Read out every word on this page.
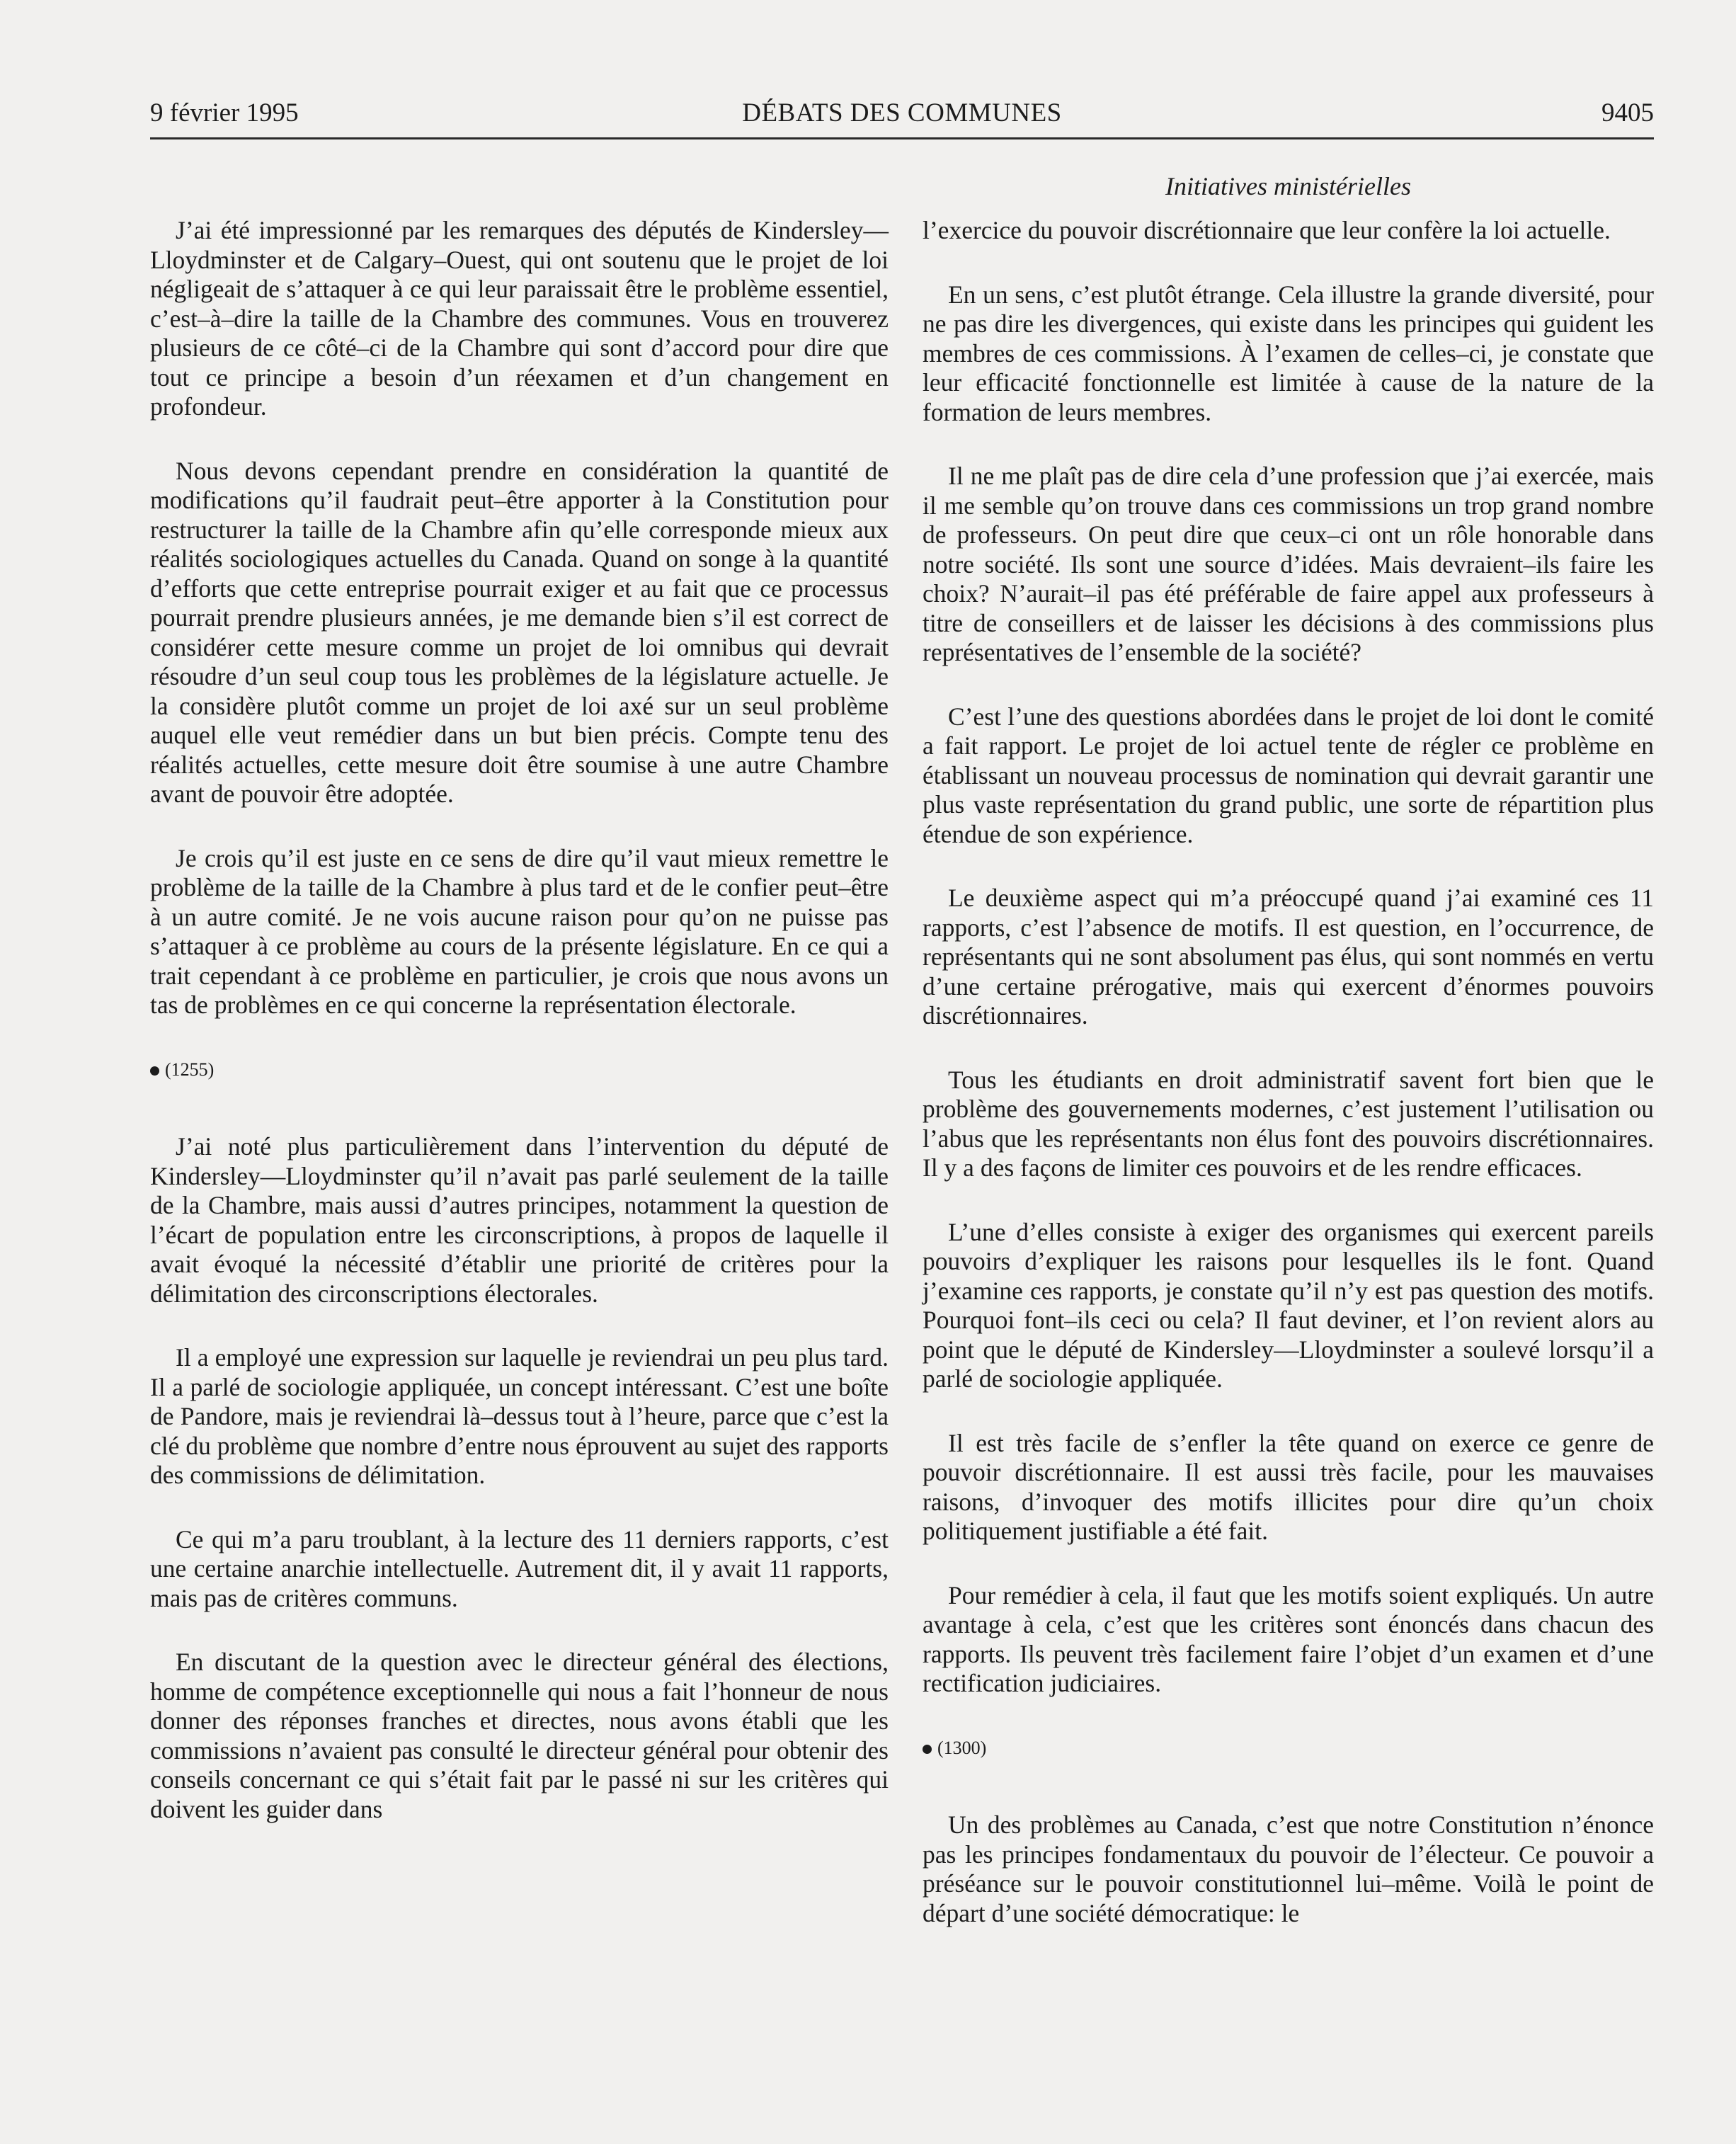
DÉBATS DES COMMUNES
9 février 1995	9405
Initiatives ministérielles

J’ai été impressionné par les remarques des députés de Kindersley—Lloydminster et de Calgary–Ouest, qui ont soutenu que le projet de loi négligeait de s’attaquer à ce qui leur paraissait être le problème essentiel, c’est–à–dire la taille de la Chambre des communes. Vous en trouverez plusieurs de ce côté–ci de la Chambre qui sont d’accord pour dire que tout ce principe a besoin d’un réexamen et d’un changement en profondeur.

Nous devons cependant prendre en considération la quantité de modifications qu’il faudrait peut–être apporter à la Constitution pour restructurer la taille de la Chambre afin qu’elle corresponde mieux aux réalités sociologiques actuelles du Canada. Quand on songe à la quantité d’efforts que cette entreprise pourrait exiger et au fait que ce processus pourrait prendre plusieurs années, je me demande bien s’il est correct de considérer cette mesure comme un projet de loi omnibus qui devrait résoudre d’un seul coup tous les problèmes de la législature actuelle. Je la considère plutôt comme un projet de loi axé sur un seul problème auquel elle veut remédier dans un but bien précis. Compte tenu des réalités actuelles, cette mesure doit être soumise à une autre Chambre avant de pouvoir être adoptée.

Je crois qu’il est juste en ce sens de dire qu’il vaut mieux remettre le problème de la taille de la Chambre à plus tard et de le confier peut–être à un autre comité. Je ne vois aucune raison pour qu’on ne puisse pas s’attaquer à ce problème au cours de la présente législature. En ce qui a trait cependant à ce problème en particulier, je crois que nous avons un tas de problèmes en ce qui concerne la représentation électorale.

(1255)

J’ai noté plus particulièrement dans l’intervention du député de Kindersley—Lloydminster qu’il n’avait pas parlé seulement de la taille de la Chambre, mais aussi d’autres principes, notamment la question de l’écart de population entre les circonscriptions, à propos de laquelle il avait évoqué la nécessité d’établir une priorité de critères pour la délimitation des circonscriptions électorales.

Il a employé une expression sur laquelle je reviendrai un peu plus tard. Il a parlé de sociologie appliquée, un concept intéressant. C’est une boîte de Pandore, mais je reviendrai là–dessus tout à l’heure, parce que c’est la clé du problème que nombre d’entre nous éprouvent au sujet des rapports des commissions de délimitation.

Ce qui m’a paru troublant, à la lecture des 11 derniers rapports, c’est une certaine anarchie intellectuelle. Autrement dit, il y avait 11 rapports, mais pas de critères communs.

En discutant de la question avec le directeur général des élections, homme de compétence exceptionnelle qui nous a fait l’honneur de nous donner des réponses franches et directes, nous avons établi que les commissions n’avaient pas consulté le directeur général pour obtenir des conseils concernant ce qui s’était fait par le passé ni sur les critères qui doivent les guider dans

l’exercice du pouvoir discrétionnaire que leur confère la loi actuelle.

En un sens, c’est plutôt étrange. Cela illustre la grande diversité, pour ne pas dire les divergences, qui existe dans les principes qui guident les membres de ces commissions. À l’examen de celles–ci, je constate que leur efficacité fonctionnelle est limitée à cause de la nature de la formation de leurs membres.

Il ne me plaît pas de dire cela d’une profession que j’ai exercée, mais il me semble qu’on trouve dans ces commissions un trop grand nombre de professeurs. On peut dire que ceux–ci ont un rôle honorable dans notre société. Ils sont une source d’idées. Mais devraient–ils faire les choix? N’aurait–il pas été préférable de faire appel aux professeurs à titre de conseillers et de laisser les décisions à des commissions plus représentatives de l’ensemble de la société?

C’est l’une des questions abordées dans le projet de loi dont le comité a fait rapport. Le projet de loi actuel tente de régler ce problème en établissant un nouveau processus de nomination qui devrait garantir une plus vaste représentation du grand public, une sorte de répartition plus étendue de son expérience.

Le deuxième aspect qui m’a préoccupé quand j’ai examiné ces 11 rapports, c’est l’absence de motifs. Il est question, en l’occurrence, de représentants qui ne sont absolument pas élus, qui sont nommés en vertu d’une certaine prérogative, mais qui exercent d’énormes pouvoirs discrétionnaires.

Tous les étudiants en droit administratif savent fort bien que le problème des gouvernements modernes, c’est justement l’utilisation ou l’abus que les représentants non élus font des pouvoirs discrétionnaires. Il y a des façons de limiter ces pouvoirs et de les rendre efficaces.

L’une d’elles consiste à exiger des organismes qui exercent pareils pouvoirs d’expliquer les raisons pour lesquelles ils le font. Quand j’examine ces rapports, je constate qu’il n’y est pas question des motifs. Pourquoi font–ils ceci ou cela? Il faut deviner, et l’on revient alors au point que le député de Kindersley—Lloydminster a soulevé lorsqu’il a parlé de sociologie appliquée.

Il est très facile de s’enfler la tête quand on exerce ce genre de pouvoir discrétionnaire. Il est aussi très facile, pour les mauvaises raisons, d’invoquer des motifs illicites pour dire qu’un choix politiquement justifiable a été fait.

Pour remédier à cela, il faut que les motifs soient expliqués. Un autre avantage à cela, c’est que les critères sont énoncés dans chacun des rapports. Ils peuvent très facilement faire l’objet d’un examen et d’une rectification judiciaires.

(1300)

Un des problèmes au Canada, c’est que notre Constitution n’énonce pas les principes fondamentaux du pouvoir de l’électeur. Ce pouvoir a préséance sur le pouvoir constitutionnel lui–même. Voilà le point de départ d’une société démocratique: le
